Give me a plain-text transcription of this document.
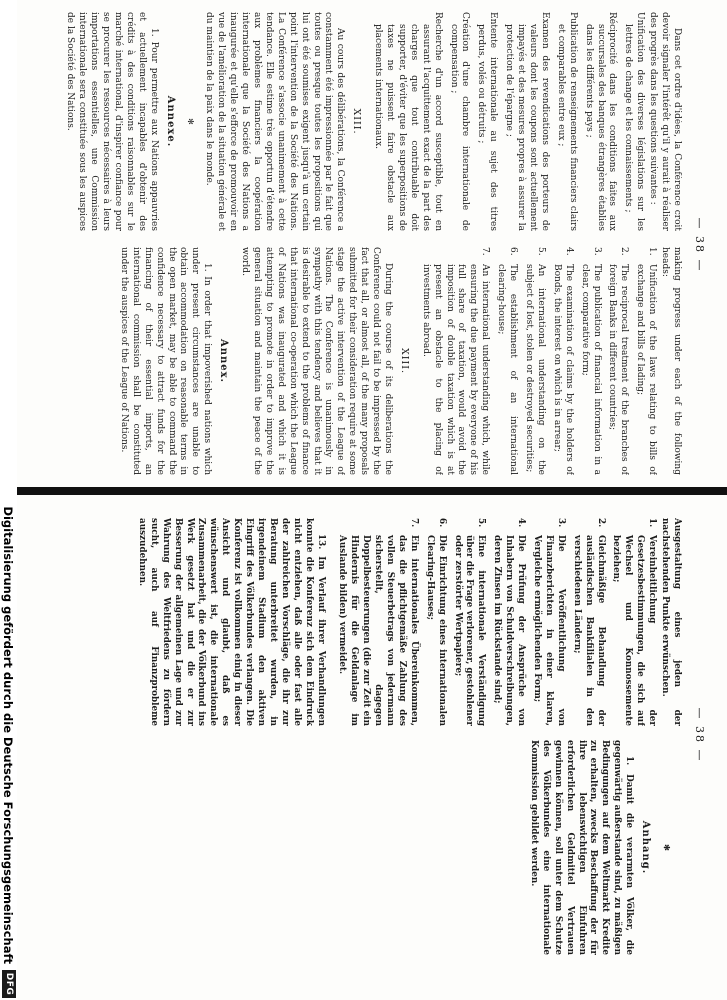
— 38 —

Dans cet ordre d'idées, la Conférence croit devoir signaler l'intérêt qu'il y aurait à réaliser des progrès dans les questions suivantes :

Unification des diverses législations sur les lettres de change et les connaissements ;
Réciprocité dans les conditions faites aux succursales des banques étrangères établies dans les différents pays ;
Publication de renseignements financiers clairs et comparables entre eux ;
Examen des revendications des porteurs de valeurs dont les coupons sont actuellement impayés et des mesures propres à assurer la protection de l'épargne ;
Entente internationale au sujet des titres perdus, volés ou détruits ;
Création d'une chambre internationale de compensation ;
Recherche d'un accord susceptible, tout en assurant l'acquittement exact de la part des charges que tout contribuable doit supporter, d'éviter que les superpositions de taxes ne puissent faire obstacle aux placements internationaux.
XIII.

Au cours des délibérations, la Conférence a constamment été impressionnée par le fait que toutes ou presque toutes les propositions qui lui ont été soumises exigent jusqu'à un certain point l'intervention de la Société des Nations. La Conférence s'associe unanimement à cette tendance. Elle estime très opportun d'étendre aux problèmes financiers la coopération internationale que la Société des Nations a inaugurée et qu'elle s'efforce de promouvoir en vue de l'amélioration de la situation générale et du maintien de la paix dans le monde.

✻
Annexe.

1. Pour permettre aux Nations appauvries et actuellement incapables d'obtenir des crédits à des conditions raisonnables sur le marché international, d'inspirer confiance pour se procurer les ressources nécessaires à leurs importations essentielles, une Commission internationale sera constituée sous les auspices de la Société des Nations.

making progress under each of the following heads:

1.Unification of the laws relating to bills of exchange and bills of lading;
2.The reciprocal treatment of the branches of foreign Banks in different countries;
3.The publication of financial information in a clear, comparative form;
4.The examination of claims by the holders of Bonds, the interest on which is in arrear;
5.An international understanding on the subject of lost, stolen or destroyed securities;
6.The establishment of an international clearing-house;
7.An international understanding which, while ensuring the due payment by everyone of his full share of taxation, would avoid the imposition of double taxation which is at present an obstacle to the placing of investments abroad.
XIII.

During the course of its deliberations the Conference could not fail to be impressed by the fact that all, or almost all, of the many proposals submitted for their consideration require at some stage the active intervention of the League of Nations. The Conference is unanimously in sympathy with this tendency and believes that it is desirable to extend to the problems of finance that international co-operation which the League of Nations was inaugurated and which it is attempting to promote in order to improve the general situation and maintain the peace of the world.

Annex.

1. In order that impoverished nations which under present circumstances are unable to obtain accommodation on reasonable terms in the open market, may be able to command the confidence necessary to attract funds for the financing of their essential imports, an international commission shall be constituted under the auspices of the League of Nations.

— 38 —

Ausgestaltung eines jeden der nachstehenden Punkte erwünschen.

1.Vereinheitlichung der Gesetzesbestimmungen, die sich auf Wechsel und Konnossemente beziehen;
2.Gleichmäßige Behandlung der ausländischen Bankfilialen in den verschiedenen Ländern;
3.Die Veröffentlichung von Finanzberichten in einer klaren, Vergleiche ermöglichenden Form;
4.Die Prüfung der Ansprüche von Inhabern von Schuldverschreibungen, deren Zinsen im Rückstande sind;
5.Eine internationale Verständigung über die Frage verlorener, gestohlener oder zerstörter Wertpapiere;
6.Die Einrichtung eines internationalen Clearing-Hauses;
7.Ein internationales Übereinkommen, das die pflichtgemäße Zahlung des vollen Steuerbetrags von jedermann sicherstellt, dagegen Doppelbesteuerungen (die zur Zeit ein Hindernis für die Geldanlage im Auslande bilden) vermeidet.

13. Im Verlauf ihrer Verhandlungen konnte die Konferenz sich dem Eindruck nicht entziehen, daß alle oder fast alle der zahlreichen Vorschläge, die ihr zur Beratung unterbreitet wurden, in irgendeinem Stadium den aktiven Eingriff des Völkerbundes verlangen. Die Konferenz ist vollkommen einig in dieser Ansicht und glaubt, daß es wünschenswert ist, die internationale Zusammenarbeit, die der Völkerbund ins Werk gesetzt hat und die er zur Besserung der allgemeinen Lage und zur Wahrung des Weltfriedens zu fördern sucht, auch auf Finanzprobleme auszudehnen.

✻
Anhang.

1. Damit die verarmten Völker, die gegenwärtig außerstande sind, zu mäßigen Bedingungen auf dem Weltmarkt Kredite zu erhalten, zwecks Beschaffung der für ihre lebenswichtigen Einfuhren erforderlichen Geldmittel Vertrauen gewinnen können, soll unter dem Schutze des Völkerbundes eine internationale Kommission gebildet werden.

Digitalisierung gefördert durch die Deutsche Forschungsgemeinschaft
DFG
